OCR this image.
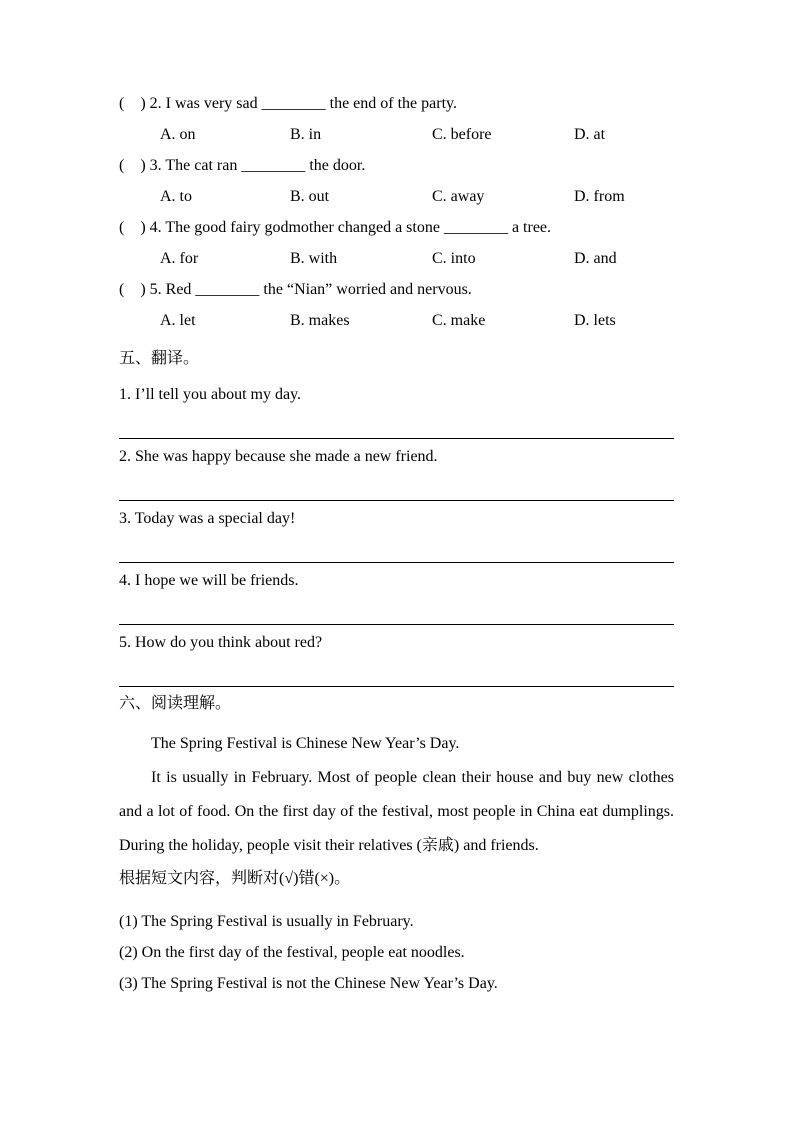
(　) 2. I was very sad ________ the end of the party.
A. on	B. in	C. before	D. at
(　) 3. The cat ran ________ the door.
A. to	B. out	C. away	D. from
(　) 4. The good fairy godmother changed a stone ________ a tree.
A. for	B. with	C. into	D. and
(　) 5. Red ________ the “Nian” worried and nervous.
A. let	B. makes	C. make	D. lets
五、翻译。
1. I’ll tell you about my day.
2. She was happy because she made a new friend.
3. Today was a special day!
4. I hope we will be friends.
5. How do you think about red?
六、阅读理解。

The Spring Festival is Chinese New Year’s Day.

It is usually in February. Most of people clean their house and buy new clothes and a lot of food. On the first day of the festival, most people in China eat dumplings. During the holiday, people visit their relatives (亲戚) and friends.

根据短文内容，判断对(√)错(×)。
(1) The Spring Festival is usually in February.
(2) On the first day of the festival, people eat noodles.
(3) The Spring Festival is not the Chinese New Year’s Day.
